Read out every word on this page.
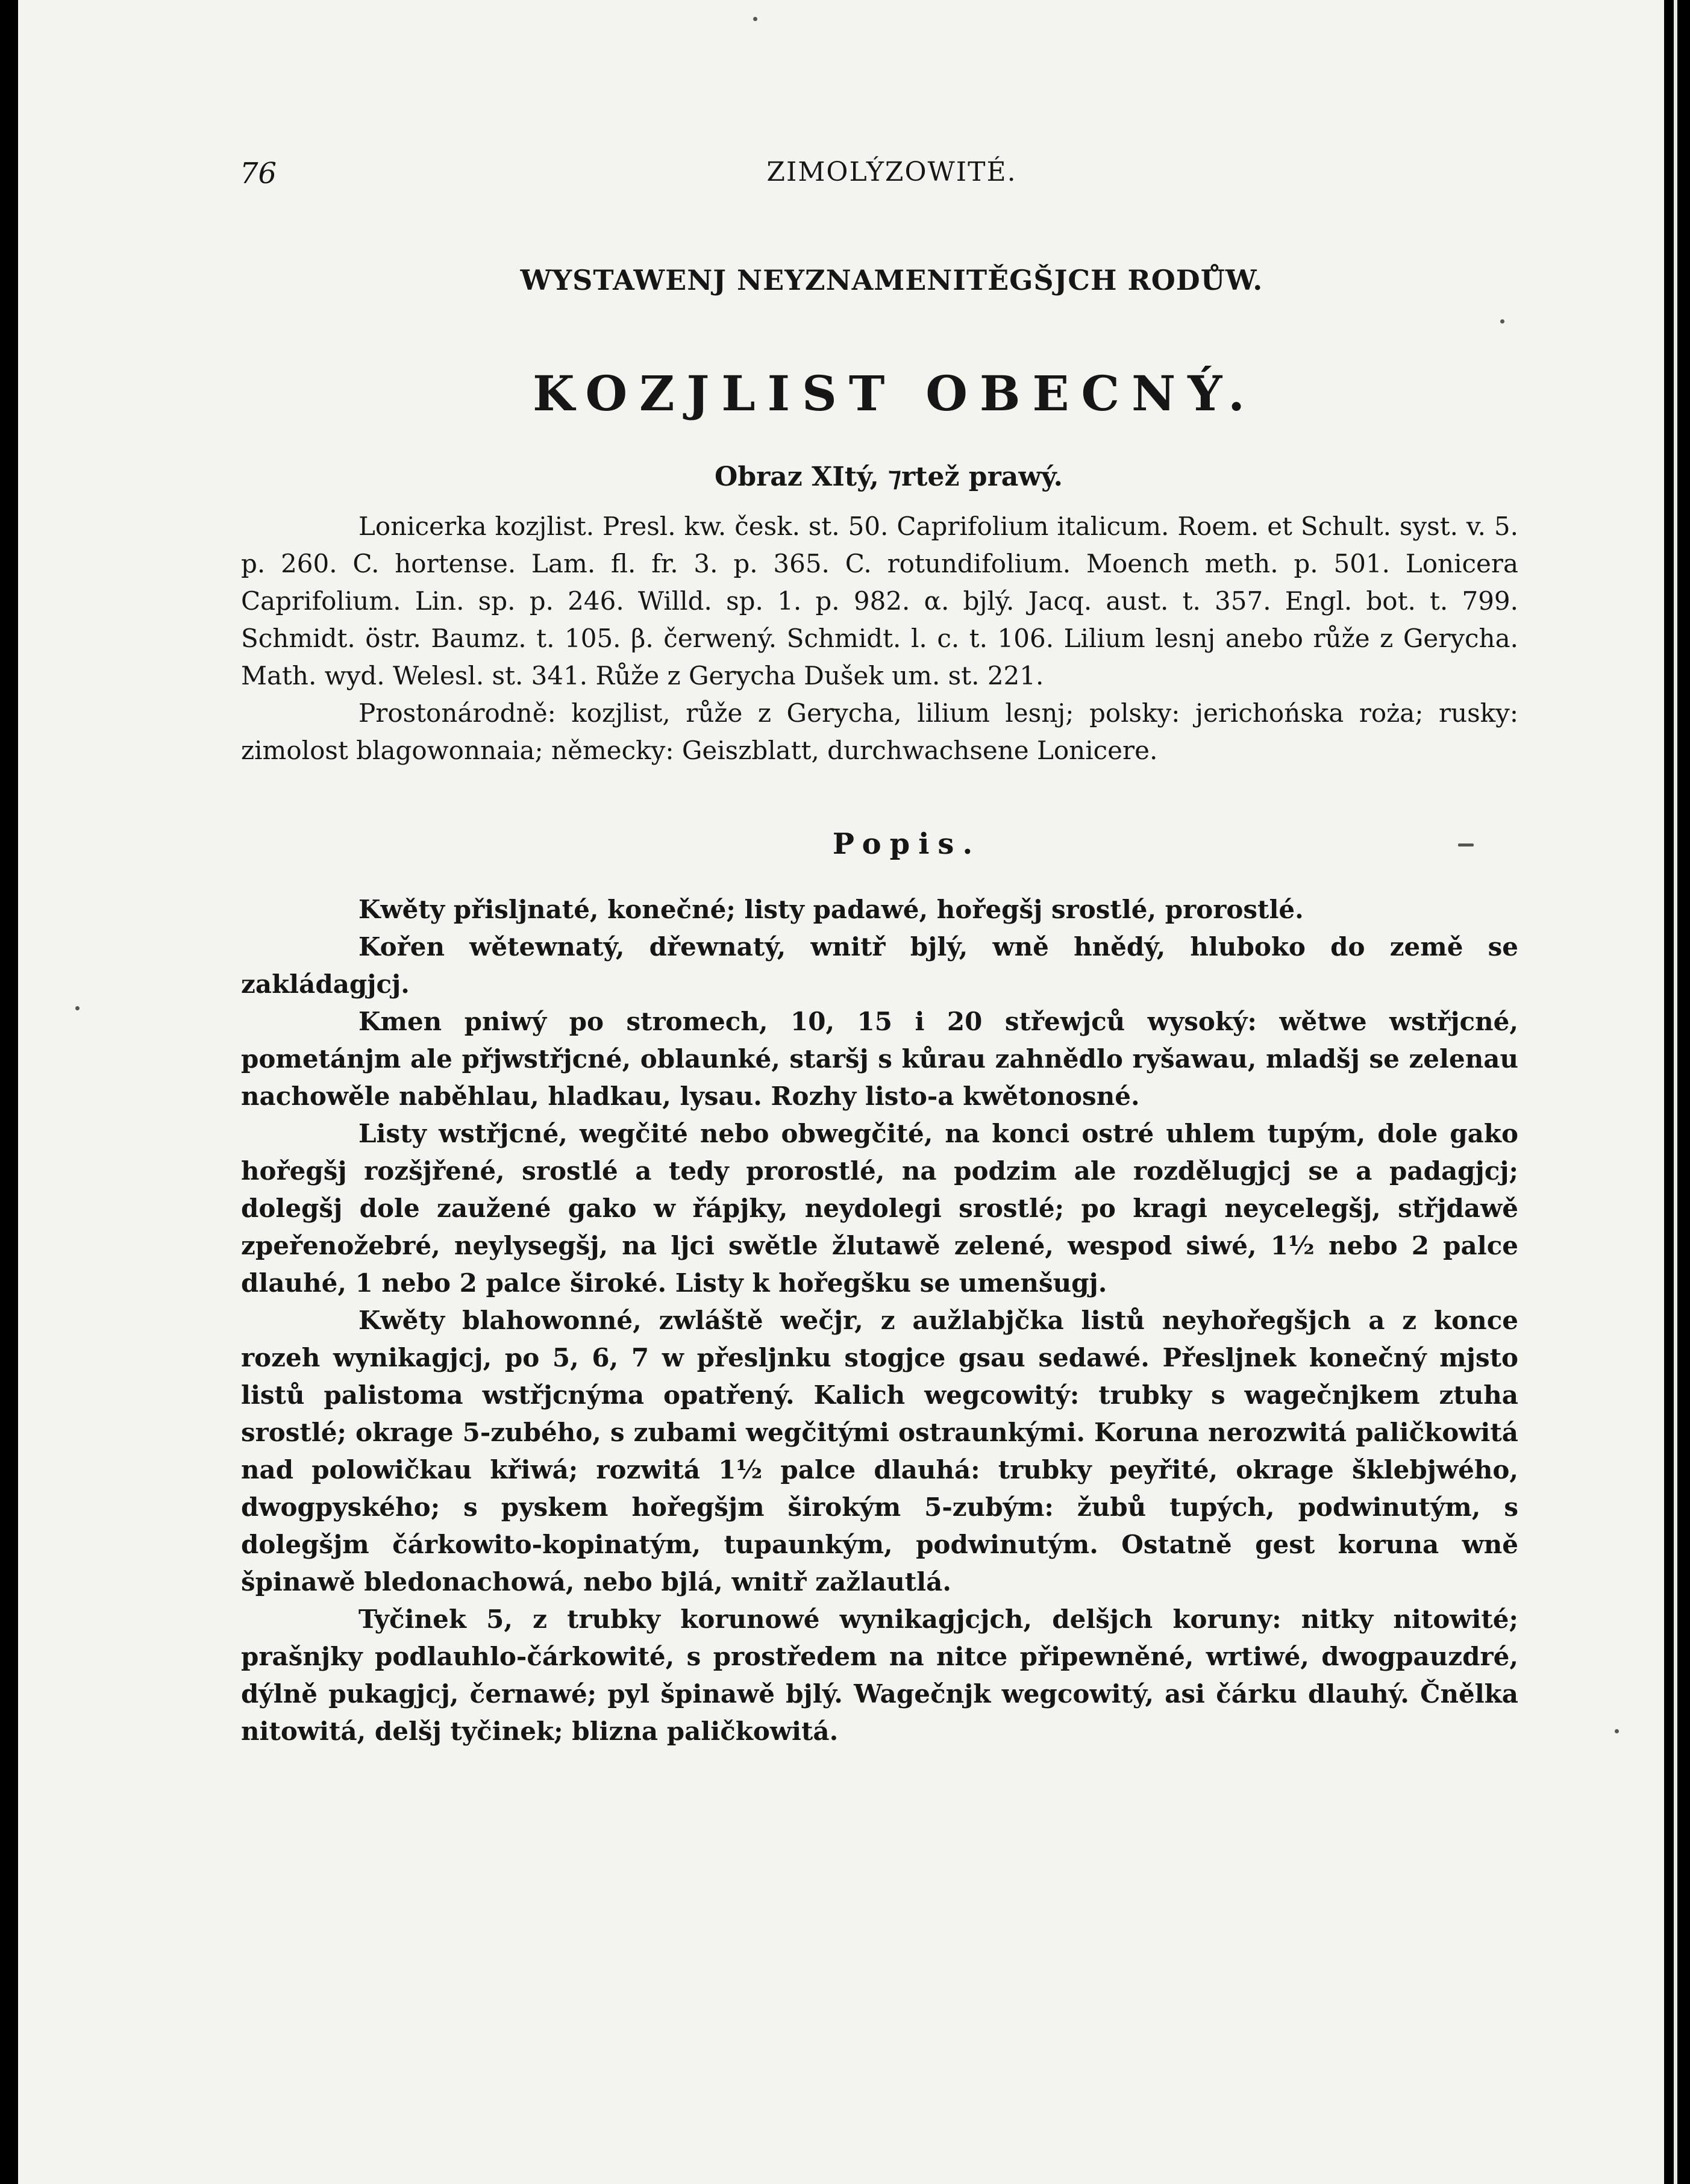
76	ZIMOLÝZOWITÉ.
WYSTAWENJ NEYZNAMENITĚGŠJCH RODŮW.
KOZJLIST OBECNÝ.
Obraz XItý, ⁊rtež prawý.

Lonicerka kozjlist. Presl. kw. česk. st. 50. Caprifolium italicum. Roem. et Schult. syst. v. 5. p. 260. C. hortense. Lam. fl. fr. 3. p. 365. C. rotundifolium. Moench meth. p. 501. Lonicera Caprifolium. Lin. sp. p. 246. Willd. sp. 1. p. 982. α. bjlý. Jacq. aust. t. 357. Engl. bot. t. 799. Schmidt. östr. Baumz. t. 105. β. čerwený. Schmidt. l. c. t. 106. Lilium lesnj anebo růže z Gerycha. Math. wyd. Welesl. st. 341. Růže z Gerycha Dušek um. st. 221.

Prostonárodně: kozjlist, růže z Gerycha, lilium lesnj; polsky: jerichońska roża; rusky: zimolost blagowonnaia; německy: Geiszblatt, durchwachsene Lonicere.

Popis.

Kwěty přislјnaté, konečné; listy padawé, hořegšj srostlé, prorostlé.

Kořen wětewnatý, dřewnatý, wnitř bjlý, wně hnědý, hluboko do země se zakládagjcj.

Kmen pniwý po stromech, 10, 15 i 20 střewjců wysoký: wětwe wstřjcné, pometánjm ale přjwstřjcné, oblaunké, staršj s kůrau zahnědlo ryšawau, mladšj se zelenau nachowěle naběhlau, hladkau, lysau. Rozhy listo-a kwětonosné.

Listy wstřjcné, wegčité nebo obwegčité, na konci ostré uhlem tupým, dole gako hořegšj rozšjřené, srostlé a tedy prorostlé, na podzim ale rozdělugjcj se a padagjcj; dolegšj dole zaužené gako w řápjky, neydolegi srostlé; po kragi neycelegšj, střjdawě zpeřenožebré, neylysegšj, na ljci swětle žlutawě zelené, wespod siwé, 1½ nebo 2 palce dlauhé, 1 nebo 2 palce široké. Listy k hořegšku se umenšugj.

Kwěty blahowonné, zwláště wečjr, z aužlabjčka listů neyhořegšjch a z konce rozeh wynikagjcj, po 5, 6, 7 w přeslјnku stogjce gsau sedawé. Přeslјnek konečný mjsto listů palistoma wstřjcnýma opatřený. Kalich wegcowitý: trubky s wagečnjkem ztuha srostlé; okrage 5-zubého, s zubami wegčitými ostraunkými. Koruna nerozwitá paličkowitá nad polowičkau křiwá; rozwitá 1½ palce dlauhá: trubky peyřité, okrage šklebjwého, dwogpyského; s pyskem hořegšjm širokým 5-zubým: žubů tupých, podwinutým, s dolegšjm čárkowito-kopinatým, tupaunkým, podwinutým. Ostatně gest koruna wně špinawě bledonachowá, nebo bjlá, wnitř zažlautlá.

Tyčinek 5, z trubky korunowé wynikagjcjch, delšjch koruny: nitky nitowité; prašnјky podlauhlo-čárkowité, s prostředem na nitce připewněné, wrtiwé, dwogpauzdré, dýlně pukagjcj, černawé; pyl špinawě bjlý. Wagečnjk wegcowitý, asi čárku dlauhý. Čnělka nitowitá, delšj tyčinek; blizna paličkowitá.
